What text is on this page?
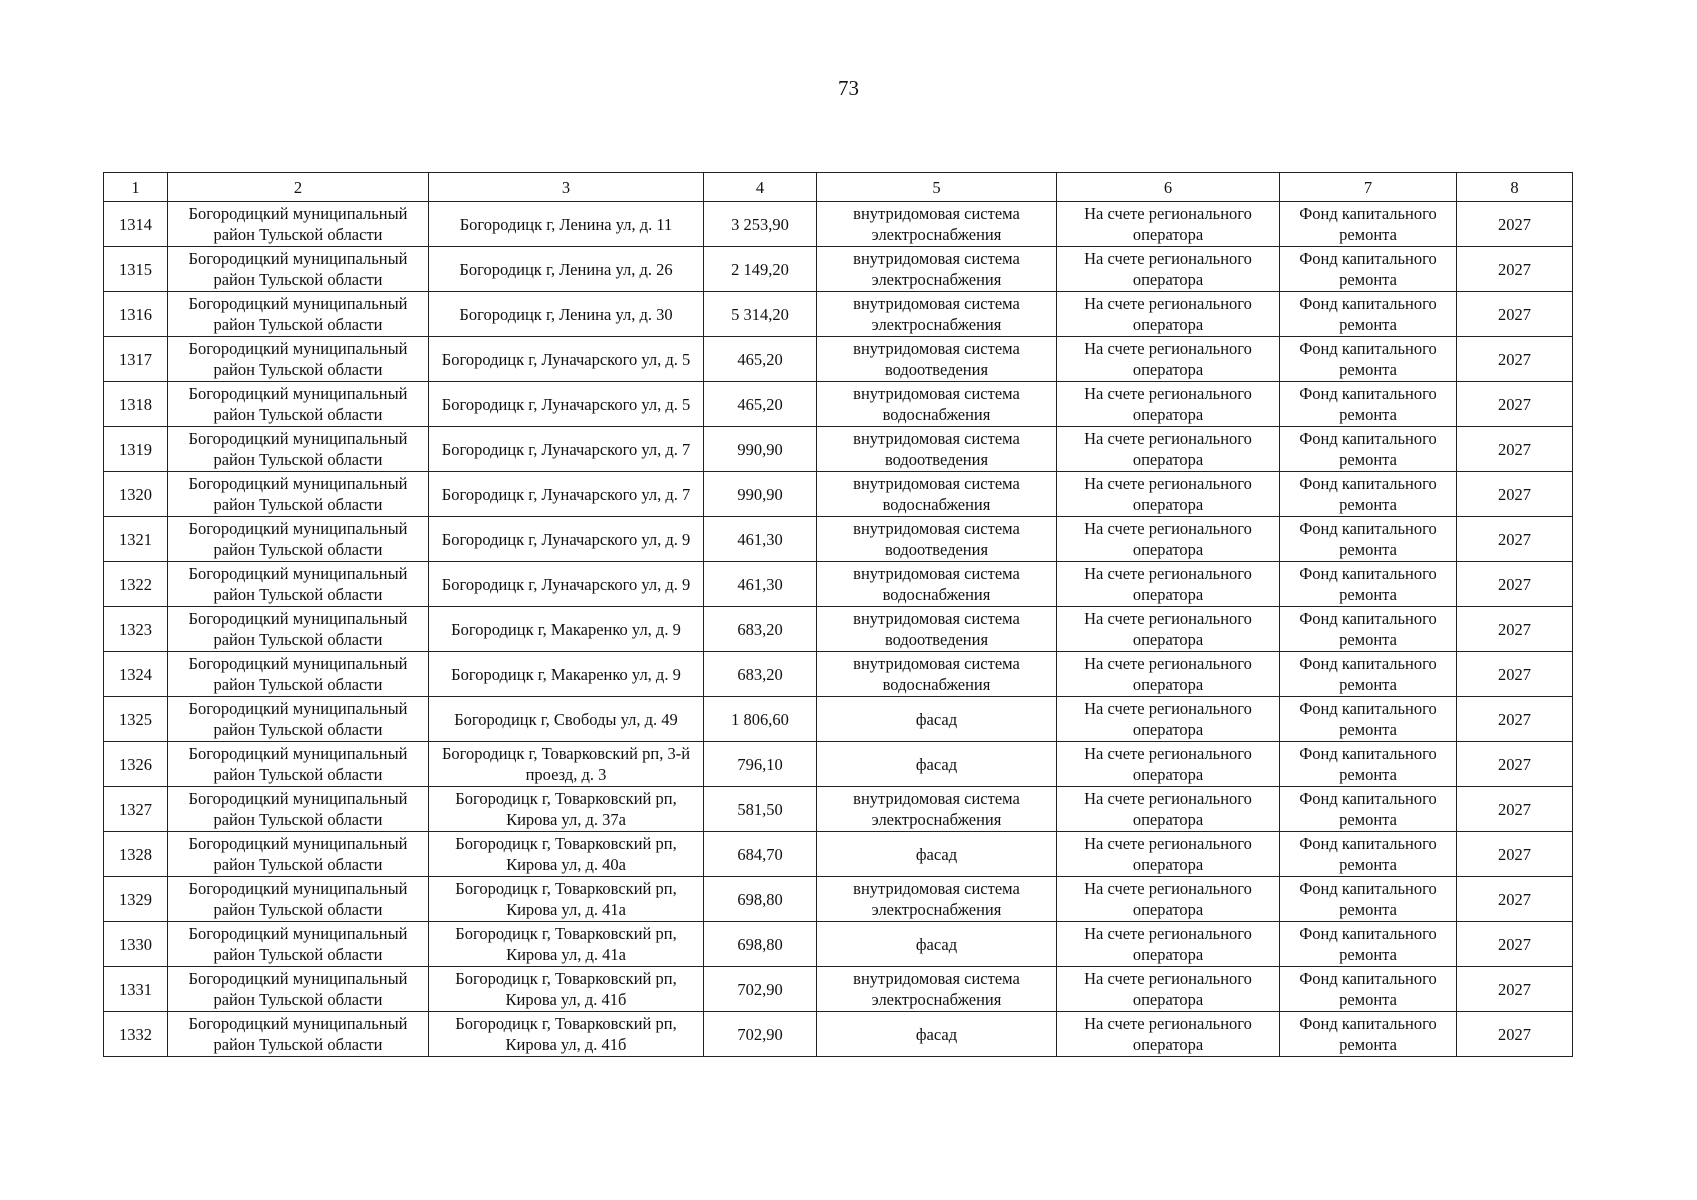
73
1	2	3	4	5	6	7	8
1314	Богородицкий муниципальный район Тульской области	Богородицк г, Ленина ул, д. 11	3 253,90	внутридомовая система электроснабжения	На счете регионального оператора	Фонд капитального ремонта	2027
1315	Богородицкий муниципальный район Тульской области	Богородицк г, Ленина ул, д. 26	2 149,20	внутридомовая система электроснабжения	На счете регионального оператора	Фонд капитального ремонта	2027
1316	Богородицкий муниципальный район Тульской области	Богородицк г, Ленина ул, д. 30	5 314,20	внутридомовая система электроснабжения	На счете регионального оператора	Фонд капитального ремонта	2027
1317	Богородицкий муниципальный район Тульской области	Богородицк г, Луначарского ул, д. 5	465,20	внутридомовая система водоотведения	На счете регионального оператора	Фонд капитального ремонта	2027
1318	Богородицкий муниципальный район Тульской области	Богородицк г, Луначарского ул, д. 5	465,20	внутридомовая система водоснабжения	На счете регионального оператора	Фонд капитального ремонта	2027
1319	Богородицкий муниципальный район Тульской области	Богородицк г, Луначарского ул, д. 7	990,90	внутридомовая система водоотведения	На счете регионального оператора	Фонд капитального ремонта	2027
1320	Богородицкий муниципальный район Тульской области	Богородицк г, Луначарского ул, д. 7	990,90	внутридомовая система водоснабжения	На счете регионального оператора	Фонд капитального ремонта	2027
1321	Богородицкий муниципальный район Тульской области	Богородицк г, Луначарского ул, д. 9	461,30	внутридомовая система водоотведения	На счете регионального оператора	Фонд капитального ремонта	2027
1322	Богородицкий муниципальный район Тульской области	Богородицк г, Луначарского ул, д. 9	461,30	внутридомовая система водоснабжения	На счете регионального оператора	Фонд капитального ремонта	2027
1323	Богородицкий муниципальный район Тульской области	Богородицк г, Макаренко ул, д. 9	683,20	внутридомовая система водоотведения	На счете регионального оператора	Фонд капитального ремонта	2027
1324	Богородицкий муниципальный район Тульской области	Богородицк г, Макаренко ул, д. 9	683,20	внутридомовая система водоснабжения	На счете регионального оператора	Фонд капитального ремонта	2027
1325	Богородицкий муниципальный район Тульской области	Богородицк г, Свободы ул, д. 49	1 806,60	фасад	На счете регионального оператора	Фонд капитального ремонта	2027
1326	Богородицкий муниципальный район Тульской области	Богородицк г, Товарковский рп, 3-й проезд, д. 3	796,10	фасад	На счете регионального оператора	Фонд капитального ремонта	2027
1327	Богородицкий муниципальный район Тульской области	Богородицк г, Товарковский рп, Кирова ул, д. 37а	581,50	внутридомовая система электроснабжения	На счете регионального оператора	Фонд капитального ремонта	2027
1328	Богородицкий муниципальный район Тульской области	Богородицк г, Товарковский рп, Кирова ул, д. 40а	684,70	фасад	На счете регионального оператора	Фонд капитального ремонта	2027
1329	Богородицкий муниципальный район Тульской области	Богородицк г, Товарковский рп, Кирова ул, д. 41а	698,80	внутридомовая система электроснабжения	На счете регионального оператора	Фонд капитального ремонта	2027
1330	Богородицкий муниципальный район Тульской области	Богородицк г, Товарковский рп, Кирова ул, д. 41а	698,80	фасад	На счете регионального оператора	Фонд капитального ремонта	2027
1331	Богородицкий муниципальный район Тульской области	Богородицк г, Товарковский рп, Кирова ул, д. 41б	702,90	внутридомовая система электроснабжения	На счете регионального оператора	Фонд капитального ремонта	2027
1332	Богородицкий муниципальный район Тульской области	Богородицк г, Товарковский рп, Кирова ул, д. 41б	702,90	фасад	На счете регионального оператора	Фонд капитального ремонта	2027
